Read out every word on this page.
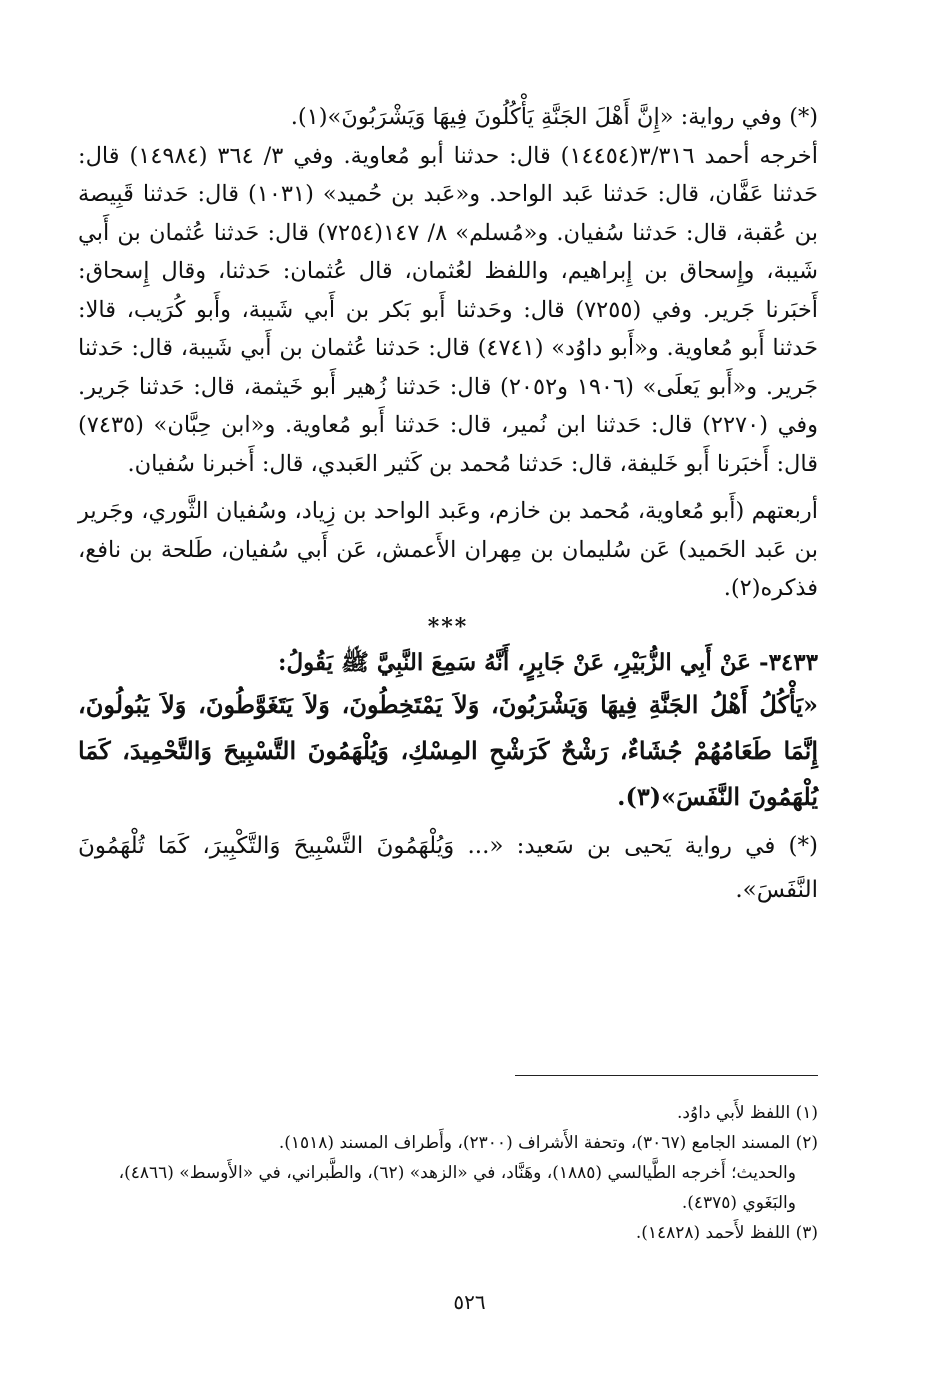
(*) وفي رواية: «إِنَّ أَهْلَ الجَنَّةِ يَأْكُلُونَ فِيهَا وَيَشْرَبُونَ»(١).
أخرجه أحمد ٣/٣١٦(١٤٤٥٤) قال: حدثنا أبو مُعاوية. وفي ٣/ ٣٦٤ (١٤٩٨٤) قال: حَدثنا عَفَّان، قال: حَدثنا عَبد الواحد. و«عَبد بن حُميد» (١٠٣١) قال: حَدثنا قَبِيصة بن عُقبة، قال: حَدثنا سُفيان. و«مُسلم» ٨/ ١٤٧(٧٢٥٤) قال: حَدثنا عُثمان بن أَبي شَيبة، وإِسحاق بن إِبراهيم، واللفظ لعُثمان، قال عُثمان: حَدثنا، وقال إِسحاق: أَخبَرنا جَرير. وفي (٧٢٥٥) قال: وحَدثنا أَبو بَكر بن أَبي شَيبة، وأَبو كُرَيب، قالا: حَدثنا أَبو مُعاوية. و«أَبو داوُد» (٤٧٤١) قال: حَدثنا عُثمان بن أَبي شَيبة، قال: حَدثنا جَرير. و«أَبو يَعلَى» (١٩٠٦ و٢٠٥٢) قال: حَدثنا زُهير أَبو خَيثمة، قال: حَدثنا جَرير. وفي (٢٢٧٠) قال: حَدثنا ابن نُمير، قال: حَدثنا أَبو مُعاوية. و«ابن حِبَّان» (٧٤٣٥) قال: أَخبَرنا أَبو خَليفة، قال: حَدثنا مُحمد بن كَثير العَبدي، قال: أَخبرنا سُفيان.
أربعتهم (أَبو مُعاوية، مُحمد بن خازم، وعَبد الواحد بن زِياد، وسُفيان الثَّوري، وجَرير بن عَبد الحَميد) عَن سُليمان بن مِهران الأَعمش، عَن أَبي سُفيان، طَلحة بن نافع، فذكره(٢).
***
٣٤٣٣- عَنْ أَبِي الزُّبَيْرِ، عَنْ جَابِرٍ، أَنَّهُ سَمِعَ النَّبِيَّ ﷺ يَقُولُ:
«يَأْكُلُ أَهْلُ الجَنَّةِ فِيهَا وَيَشْرَبُونَ، وَلاَ يَمْتَخِطُونَ، وَلاَ يَتَغَوَّطُونَ، وَلاَ يَبُولُونَ، إِنَّمَا طَعَامُهُمْ جُشَاءٌ، رَشْحٌ كَرَشْحِ المِسْكِ، وَيُلْهَمُونَ التَّسْبِيحَ وَالتَّحْمِيدَ، كَمَا يُلْهَمُونَ النَّفَسَ»(٣).
(*) في رواية يَحيى بن سَعيد: «... وَيُلْهَمُونَ التَّسْبِيحَ وَالتَّكْبِيرَ، كَمَا تُلْهَمُونَ النَّفَسَ».
(١) اللفظ لأَبي داوُد.
(٢) المسند الجامع (٣٠٦٧)، وتحفة الأَشراف (٢٣٠٠)، وأَطراف المسند (١٥١٨).
والحديث؛ أَخرجه الطَّيالسي (١٨٨٥)، وهَنَّاد، في «الزهد» (٦٢)، والطَّبراني، في «الأَوسط» (٤٨٦٦)، والبَغَوي (٤٣٧٥).
(٣) اللفظ لأَحمد (١٤٨٢٨).
٥٢٦
